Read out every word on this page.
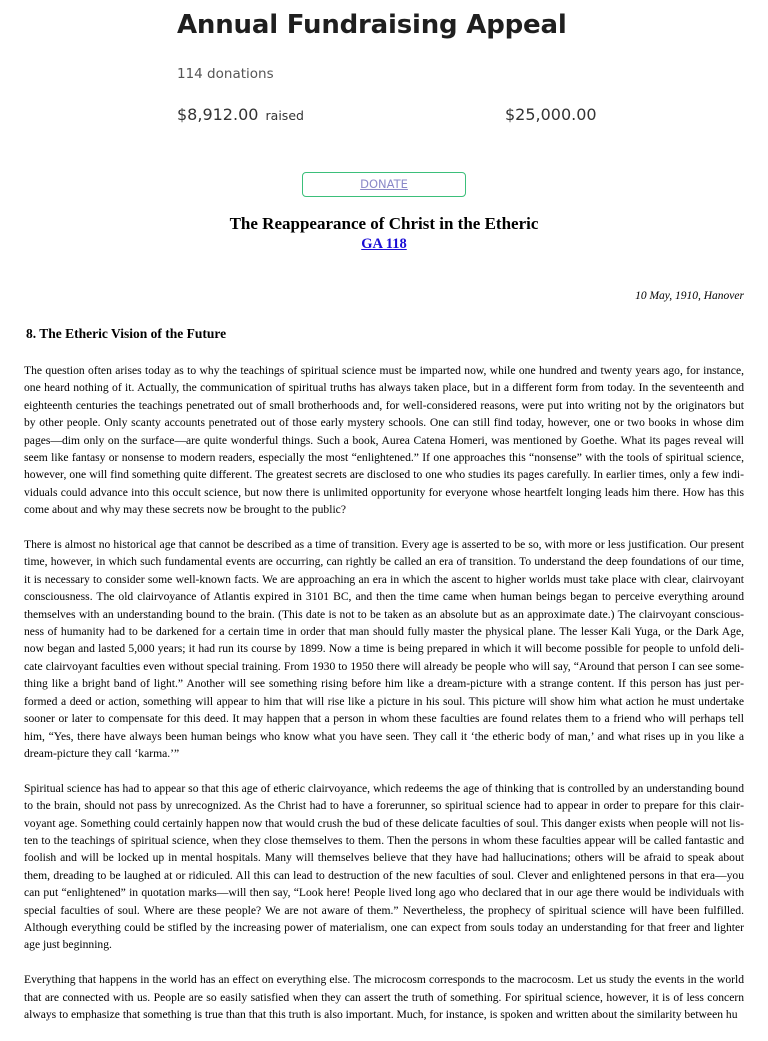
Annual Fundraising Appeal
114 donations
$8,912.00 raised	$25,000.00
DONATE
The Reappearance of Christ in the Etheric
GA 118
10 May, 1910, Hanover
8. The Etheric Vision of the Future

The question often arises today as to why the teachings of spiritual science must be imparted now, while one hundred and twenty years ago, for instance, one heard nothing of it. Actually, the communication of spiritual truths has always taken place, but in a different form from today. In the seventeenth and eighteenth centuries the teachings penetrated out of small brotherhoods and, for well-considered reasons, were put into writing not by the originators but by other people. Only scanty accounts penetrated out of those early mystery schools. One can still find today, however, one or two books in whose dim pages—dim only on the surface—are quite wonderful things. Such a book, Aurea Catena Homeri, was mentioned by Goethe. What its pages reveal will seem like fantasy or nonsense to modern readers, especially the most “enlightened.” If one approaches this “nonsense” with the tools of spiritual science, however, one will find something quite different. The greatest secrets are disclosed to one who studies its pages carefully. In earlier times, only a few individuals could advance into this occult science, but now there is unlimited opportunity for everyone whose heartfelt longing leads him there. How has this come about and why may these secrets now be brought to the public?

There is almost no historical age that cannot be described as a time of transition. Every age is asserted to be so, with more or less justification. Our present time, however, in which such fundamental events are occurring, can rightly be called an era of transition. To understand the deep foundations of our time, it is necessary to consider some well-known facts. We are approaching an era in which the ascent to higher worlds must take place with clear, clairvoyant consciousness. The old clairvoyance of Atlantis expired in 3101 BC, and then the time came when human beings began to perceive everything around themselves with an understanding bound to the brain. (This date is not to be taken as an absolute but as an approximate date.) The clairvoyant consciousness of humanity had to be darkened for a certain time in order that man should fully master the physical plane. The lesser Kali Yuga, or the Dark Age, now began and lasted 5,000 years; it had run its course by 1899. Now a time is being prepared in which it will become possible for people to unfold delicate clairvoyant faculties even without special training. From 1930 to 1950 there will already be people who will say, “Around that person I can see something like a bright band of light.” Another will see something rising before him like a dream-picture with a strange content. If this person has just performed a deed or action, something will appear to him that will rise like a picture in his soul. This picture will show him what action he must undertake sooner or later to compensate for this deed. It may happen that a person in whom these faculties are found relates them to a friend who will perhaps tell him, “Yes, there have always been human beings who know what you have seen. They call it ‘the etheric body of man,’ and what rises up in you like a dream-picture they call ‘karma.’”

Spiritual science has had to appear so that this age of etheric clairvoyance, which redeems the age of thinking that is controlled by an understanding bound to the brain, should not pass by unrecognized. As the Christ had to have a forerunner, so spiritual science had to appear in order to prepare for this clairvoyant age. Something could certainly happen now that would crush the bud of these delicate faculties of soul. This danger exists when people will not listen to the teachings of spiritual science, when they close themselves to them. Then the persons in whom these faculties appear will be called fantastic and foolish and will be locked up in mental hospitals. Many will themselves believe that they have had hallucinations; others will be afraid to speak about them, dreading to be laughed at or ridiculed. All this can lead to destruction of the new faculties of soul. Clever and enlightened persons in that era—you can put “enlightened” in quotation marks—will then say, “Look here! People lived long ago who declared that in our age there would be individuals with special faculties of soul. Where are these people? We are not aware of them.” Nevertheless, the prophecy of spiritual science will have been fulfilled. Although everything could be stifled by the increasing power of materialism, one can expect from souls today an understanding for that freer and lighter age just beginning.

Everything that happens in the world has an effect on everything else. The microcosm corresponds to the macrocosm. Let us study the events in the world that are connected with us. People are so easily satisfied when they can assert the truth of something. For spiritual science, however, it is of less concern always to emphasize that something is true than that this truth is also important. Much, for instance, is spoken and written about the similarity between hu
